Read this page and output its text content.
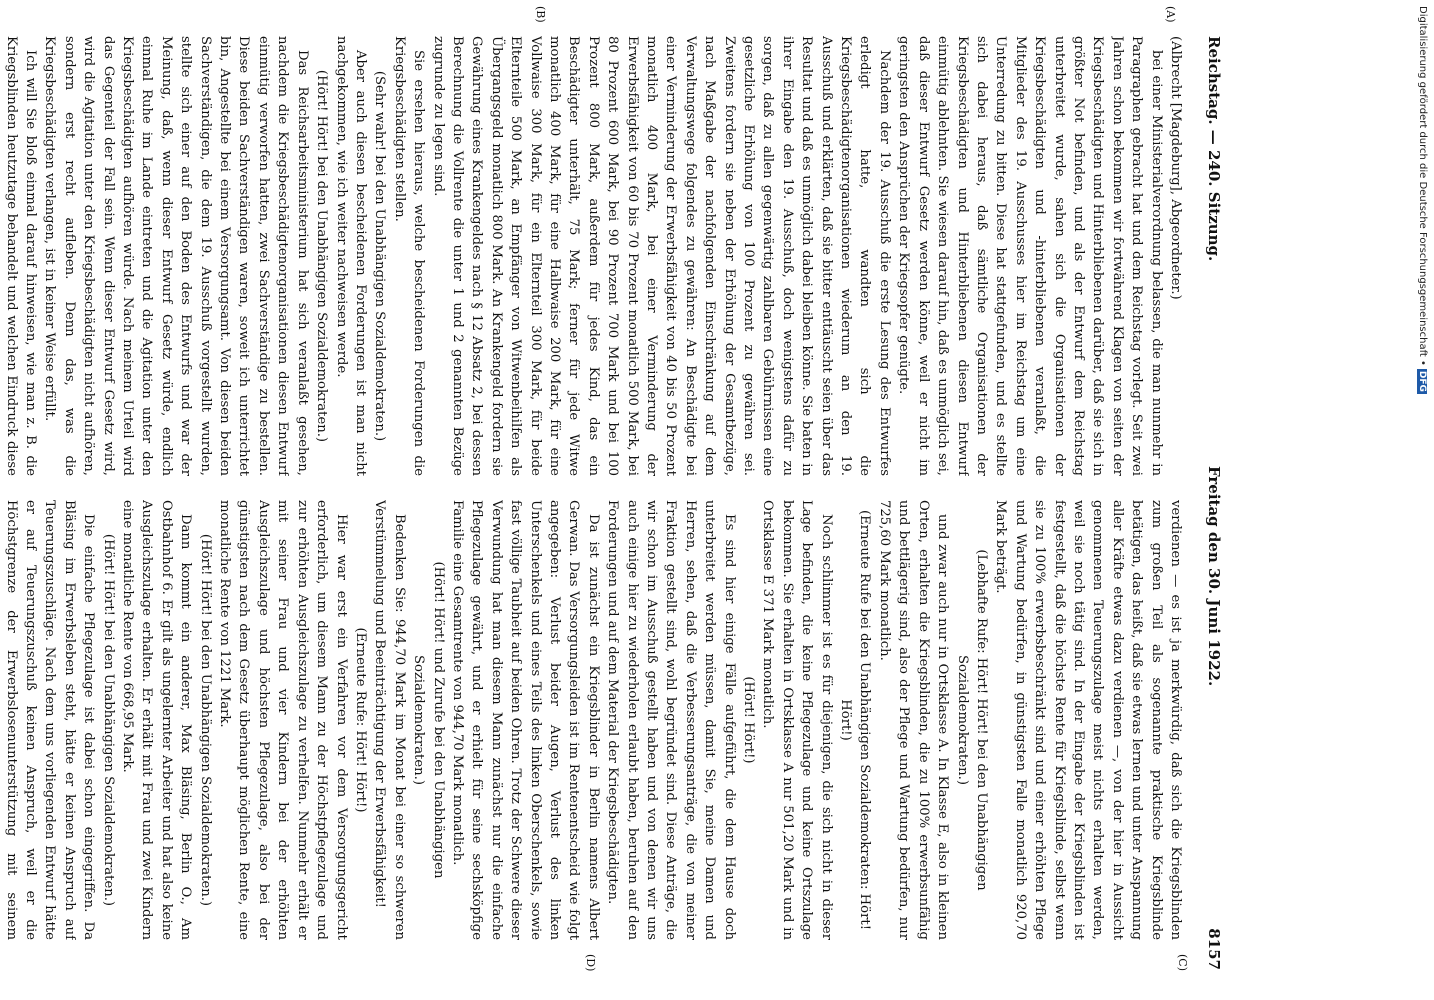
Reichstag. — 240. Sitzung.
Freitag den 30. Juni 1922.
8157
(A)
(B)
(C)
(D)

(Albrecht [Magdeburg], Abgeordneter.)

bei einer Ministerialverordnung belassen, die man nunmehr in Paragraphen gebracht hat und dem Reichstag vorlegt. Seit zwei Jahren schon bekommen wir fortwährend Klagen von seiten der Kriegsbeschädigten und Hinterbliebenen darüber, daß sie sich in größter Not befinden, und als der Entwurf dem Reichstag unterbreitet wurde, sahen sich die Organisationen der Kriegsbeschädigten und -hinterbliebenen veranlaßt, die Mitglieder des 19. Ausschusses hier im Reichstag um eine Unterredung zu bitten. Diese hat stattgefunden, und es stellte sich dabei heraus, daß sämtliche Organisationen der Kriegsbeschädigten und Hinterbliebenen diesen Entwurf einmütig ablehnten. Sie wiesen darauf hin, daß es unmöglich sei, daß dieser Entwurf Gesetz werden könne, weil er nicht im geringsten den Ansprüchen der Kriegsopfer genügte.

Nachdem der 19. Ausschuß die erste Lesung des Entwurfes erledigt hatte, wandten sich die Kriegsbeschädigtenorganisationen wiederum an den 19. Ausschuß und erklärten, daß sie bitter enttäuscht seien über das Resultat und daß es unmöglich dabei bleiben könne. Sie baten in ihrer Eingabe den 19. Ausschuß, doch wenigstens dafür zu sorgen, daß zu allen gegenwärtig zahlbaren Gebührnissen eine gesetzliche Erhöhung von 100 Prozent zu gewähren sei. Zweitens fordern sie neben der Erhöhung der Gesamtbezüge, nach Maßgabe der nachfolgenden Einschränkung auf dem Verwaltungswege folgendes zu gewähren: An Beschädigte bei einer Verminderung der Erwerbsfähigkeit von 40 bis 50 Prozent monatlich 400 Mark, bei einer Verminderung der Erwerbsfähigkeit von 60 bis 70 Prozent monatlich 500 Mark, bei 80 Prozent 600 Mark, bei 90 Prozent 700 Mark und bei 100 Prozent 800 Mark, außerdem für jedes Kind, das ein Beschädigter unterhält, 75 Mark; ferner für jede Witwe monatlich 400 Mark, für eine Halbwaise 200 Mark, für eine Vollwaise 300 Mark, für ein Elternteil 300 Mark, für beide Elternteile 500 Mark, an Empfänger von Witwenbeihilfen als Übergangsgeld monatlich 800 Mark. An Krankengeld fordern sie Gewährung eines Krankengeldes nach § 12 Absatz 2, bei dessen Berechnung die Vollrente die unter 1 und 2 genannten Bezüge zugrunde zu legen sind.

Sie ersehen hieraus, welche bescheidenen Forderungen die Kriegsbeschädigten stellen.

(Sehr wahr! bei den Unabhängigen Sozialdemokraten.)

Aber auch diesen bescheidenen Forderungen ist man nicht nachgekommen, wie ich weiter nachweisen werde.

(Hört! Hört! bei den Unabhängigen Sozialdemokraten.)

Das Reichsarbeitsministerium hat sich veranlaßt gesehen, nachdem die Kriegsbeschädigtenorganisationen diesen Entwurf einmütig verworfen hatten, zwei Sachverständige zu bestellen. Diese beiden Sachverständigen waren, soweit ich unterrichtet bin, Angestellte bei einem Versorgungsamt. Von diesen beiden Sachverständigen, die dem 19. Ausschuß vorgestellt wurden, stellte sich einer auf den Boden des Entwurfs und war der Meinung, daß, wenn dieser Entwurf Gesetz würde, endlich einmal Ruhe im Lande eintreten und die Agitation unter den Kriegsbeschädigten aufhören würde. Nach meinem Urteil wird das Gegenteil der Fall sein. Wenn dieser Entwurf Gesetz wird, wird die Agitation unter den Kriegsbeschädigten nicht aufhören, sondern erst recht aufleben. Denn das, was die Kriegsbeschädigten verlangen, ist in keiner Weise erfüllt.

Ich will Sie bloß einmal darauf hinweisen, wie man z. B. die Kriegsblinden heutzutage behandelt und welchen Eindruck diese

verdienen — es ist ja merkwürdig, daß sich die Kriegsblinden zum großen Teil als sogenannte praktische Kriegsblinde betätigen, das heißt, daß sie etwas lernen und unter Anspannung aller Kräfte etwas dazu verdienen —, von der hier in Aussicht genommenen Teuerungszulage meist nichts erhalten werden, weil sie noch tätig sind. In der Eingabe der Kriegsblinden ist festgestellt, daß die höchste Rente für Kriegsblinde, selbst wenn sie zu 100% erwerbsbeschränkt sind und einer erhöhten Pflege und Wartung bedürfen, in günstigsten Falle monatlich 920,70 Mark beträgt.

(Lebhafte Rufe: Hört! Hört! bei den Unabhängigen Sozialdemokraten.)

und zwar auch nur in Ortsklasse A. In Klasse E, also in kleinen Orten, erhalten die Kriegsblinden, die zu 100% erwerbsunfähig und bettlägerig sind, also der Pflege und Wartung bedürfen, nur 725,60 Mark monatlich.

(Erneute Rufe bei den Unabhängigen Sozialdemokraten: Hört! Hört!)

Noch schlimmer ist es für diejenigen, die sich nicht in dieser Lage befinden, die keine Pflegezulage und keine Ortszulage bekommen. Sie erhalten in Ortsklasse A nur 501,20 Mark und in Ortsklasse E 371 Mark monatlich.

(Hört! Hört!)

Es sind hier einige Fälle aufgeführt, die dem Hause doch unterbreitet werden müssen, damit Sie, meine Damen und Herren, sehen, daß die Verbesserungsanträge, die von meiner Fraktion gestellt sind, wohl begründet sind. Diese Anträge, die wir schon im Ausschuß gestellt haben und von denen wir uns auch einige hier zu wiederholen erlaubt haben, beruhen auf den Forderungen und auf dem Material der Kriegsbeschädigten.

Da ist zunächst ein Kriegsblinder in Berlin namens Albert Gerwan. Das Versorgungsleiden ist im Rentenentscheid wie folgt angegeben: Verlust beider Augen, Verlust des linken Unterschenkels und eines Teils des linken Oberschenkels, sowie fast völlige Taubheit auf beiden Ohren. Trotz der Schwere dieser Verwundung hat man diesem Mann zunächst nur die einfache Pflegezulage gewährt, und er erhielt für seine sechsköpfige Familie eine Gesamtrente von 944,70 Mark monatlich.

(Hört! Hört! und Zurufe bei den Unabhängigen Sozialdemokraten.)

Bedenken Sie: 944,70 Mark im Monat bei einer so schweren Verstümmelung und Beeinträchtigung der Erwerbsfähigkeit!

(Erneute Rufe: Hört! Hört!)

Hier war erst ein Verfahren vor dem Versorgungsgericht erforderlich, um diesem Mann zu der Höchstpflegezulage und zur erhöhten Ausgleichszulage zu verhelfen. Nunmehr erhält er mit seiner Frau und vier Kindern bei der erhöhten Ausgleichszulage und höchsten Pflegezulage, also bei der günstigsten nach dem Gesetz überhaupt möglichen Rente, eine monatliche Rente von 1221 Mark.

(Hört! Hört! bei den Unabhängigen Sozialdemokraten.)

Dann kommt ein anderer, Max Bläsing, Berlin O., Am Ostbahnhof 6. Er gilt als ungelernter Arbeiter und hat also keine Ausgleichszulage erhalten. Er erhält mit Frau und zwei Kindern eine monatliche Rente von 668,95 Mark.

(Hört! Hört! bei den Unabhängigen Sozialdemokraten.)

Die einfache Pflegezulage ist dabei schon eingegriffen. Da Bläsing im Erwerbsleben steht, hätte er keinen Anspruch auf Teuerungszuschläge. Nach dem uns vorliegenden Entwurf hätte er auf Teuerungszuschuß keinen Anspruch, weil er die Höchstgrenze der Erwerbslosenunterstützung mit seinem

Digitalisierung gefördert durch die Deutsche Forschungsgemeinschaft •DFG
